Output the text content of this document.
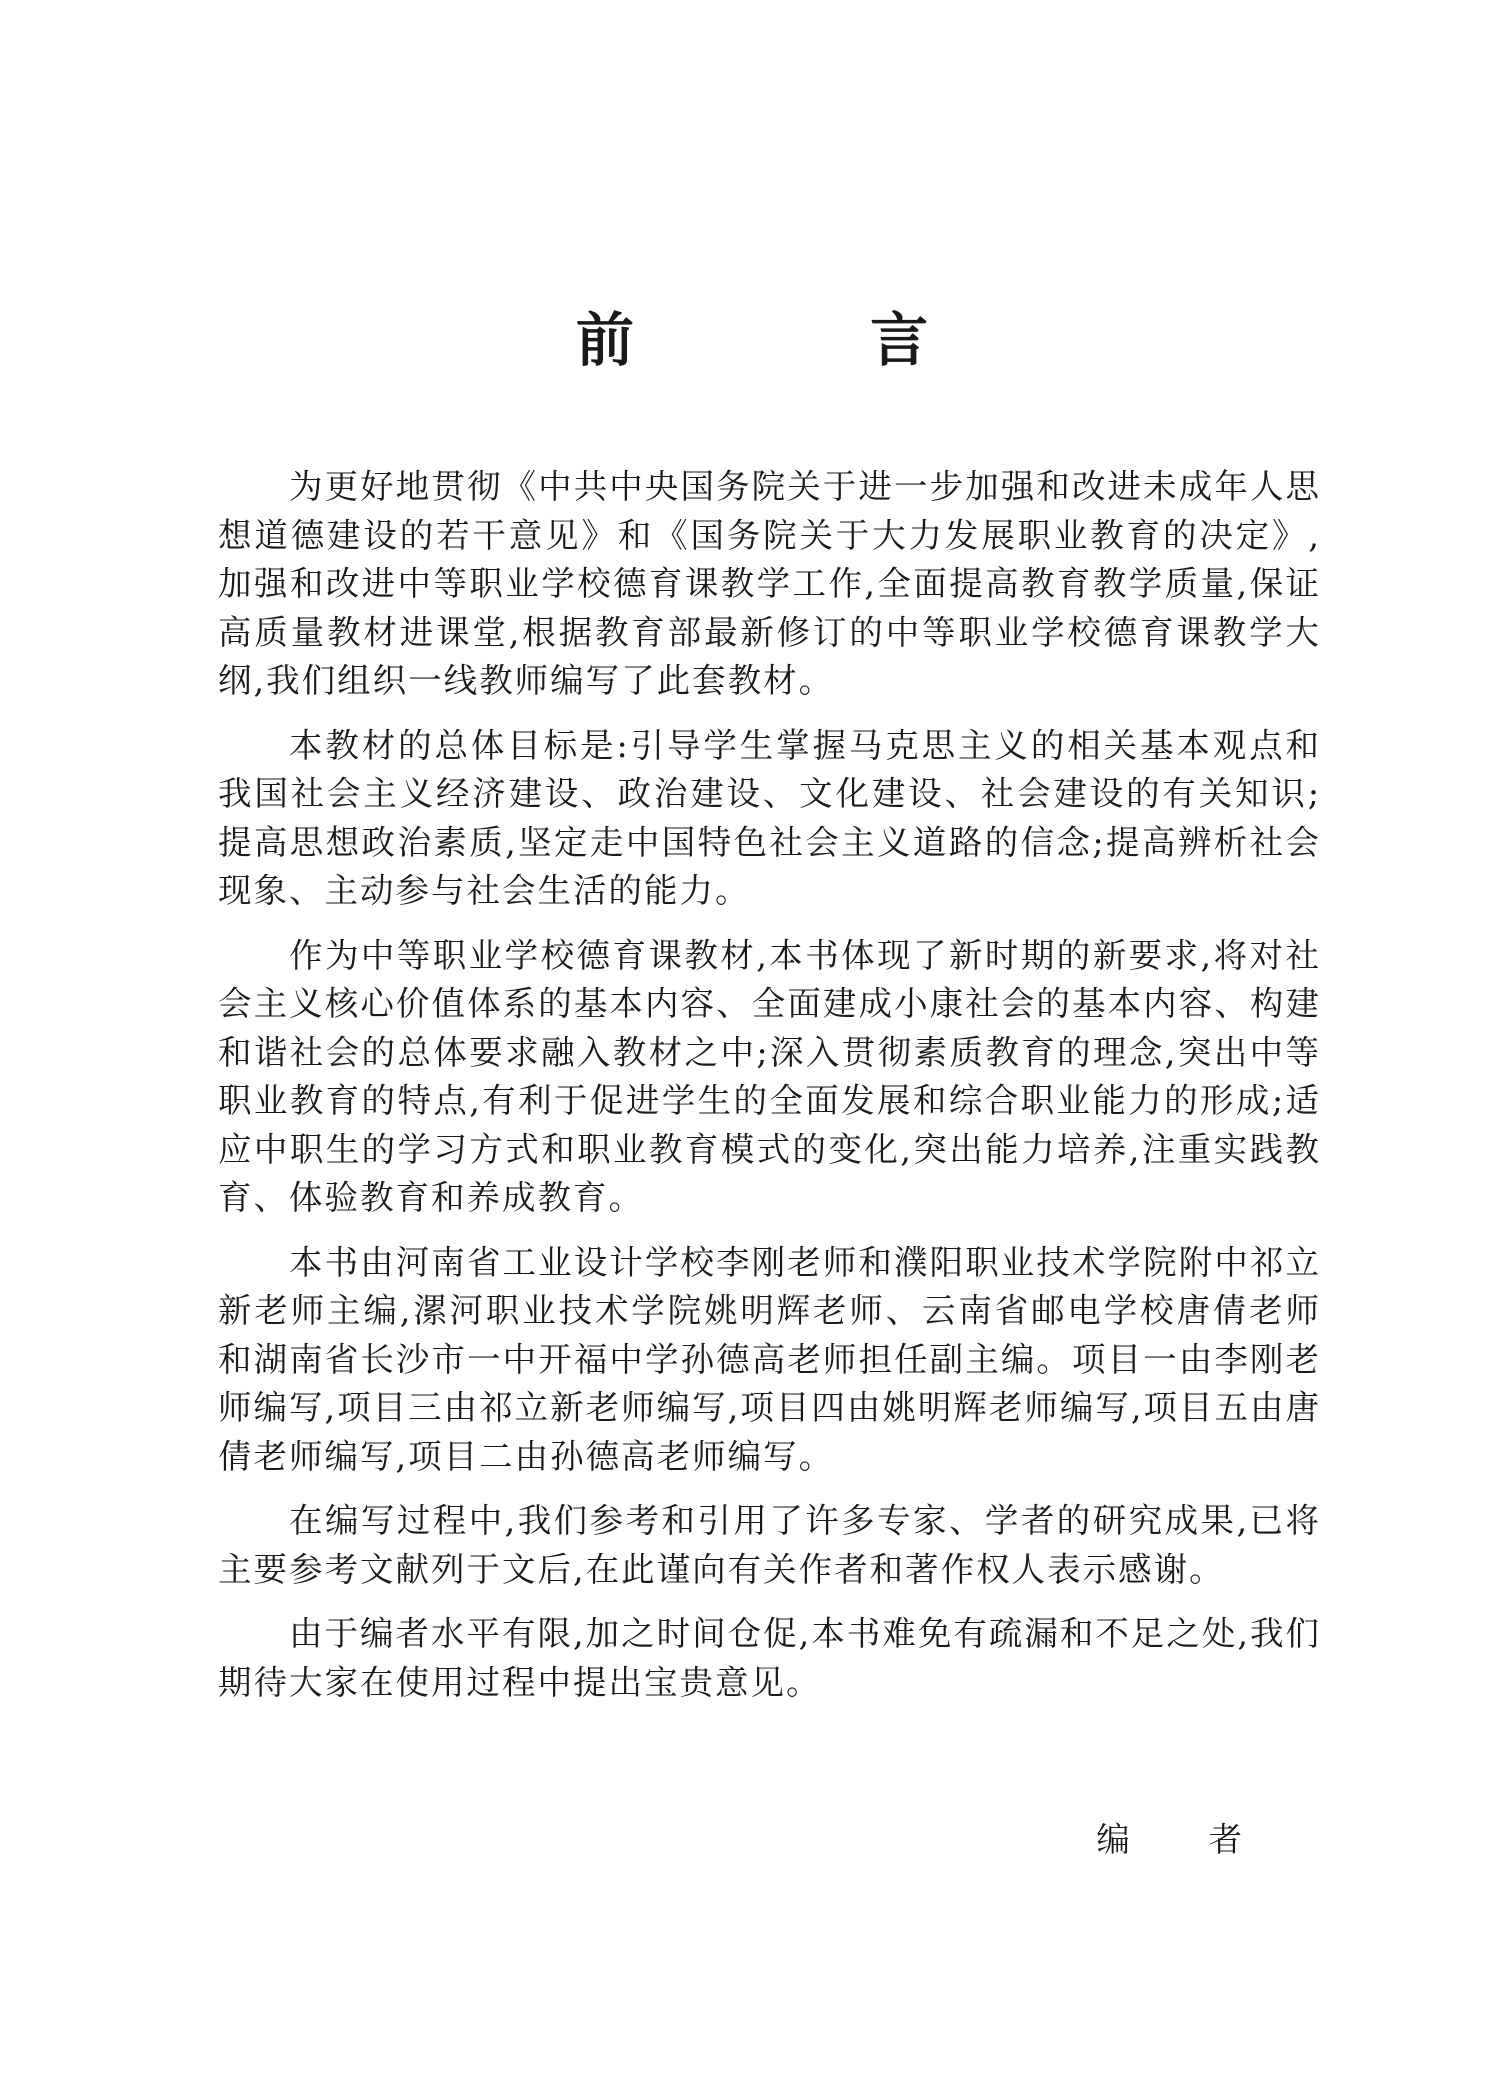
前 言

为更好地贯彻《中共中央国务院关于进一步加强和改进未成年人思想道德建设的若干意见》和《国务院关于大力发展职业教育的决定》,加强和改进中等职业学校德育课教学工作,全面提高教育教学质量,保证高质量教材进课堂,根据教育部最新修订的中等职业学校德育课教学大纲,我们组织一线教师编写了此套教材。

本教材的总体目标是:引导学生掌握马克思主义的相关基本观点和我国社会主义经济建设、政治建设、文化建设、社会建设的有关知识;提高思想政治素质,坚定走中国特色社会主义道路的信念;提高辨析社会现象、主动参与社会生活的能力。

作为中等职业学校德育课教材,本书体现了新时期的新要求,将对社会主义核心价值体系的基本内容、全面建成小康社会的基本内容、构建和谐社会的总体要求融入教材之中;深入贯彻素质教育的理念,突出中等职业教育的特点,有利于促进学生的全面发展和综合职业能力的形成;适应中职生的学习方式和职业教育模式的变化,突出能力培养,注重实践教育、体验教育和养成教育。

本书由河南省工业设计学校李刚老师和濮阳职业技术学院附中祁立新老师主编,漯河职业技术学院姚明辉老师、云南省邮电学校唐倩老师和湖南省长沙市一中开福中学孙德高老师担任副主编。项目一由李刚老师编写,项目三由祁立新老师编写,项目四由姚明辉老师编写,项目五由唐倩老师编写,项目二由孙德高老师编写。

在编写过程中,我们参考和引用了许多专家、学者的研究成果,已将主要参考文献列于文后,在此谨向有关作者和著作权人表示感谢。

由于编者水平有限,加之时间仓促,本书难免有疏漏和不足之处,我们期待大家在使用过程中提出宝贵意见。

编 者
